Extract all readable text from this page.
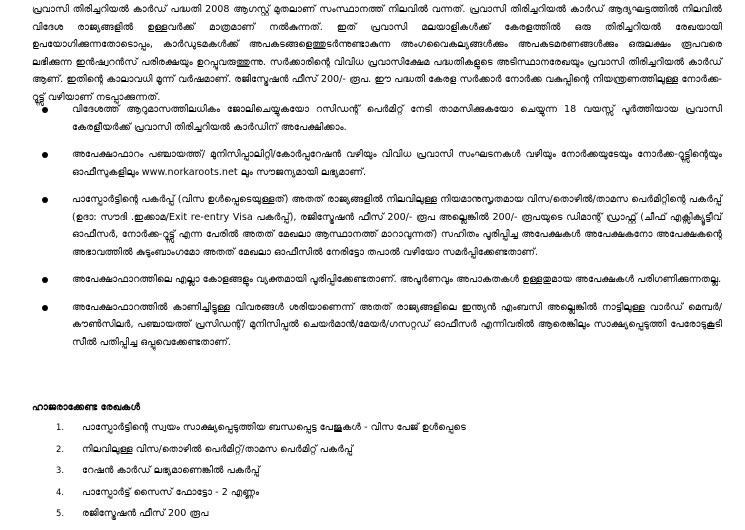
പ്രവാസി തിരിച്ചറിയൽ കാർഡ് പദ്ധതി 2008 ആഗസ്റ്റ് മുതലാണ് സംസ്ഥാനത്ത് നിലവിൽ വന്നത്. പ്രവാസി തിരിച്ചറിയൽ കാർഡ് ആദ്യഘട്ടത്തിൽ നിലവിൽ വിദേശ രാജ്യങ്ങളിൽ ഉള്ളവർക്ക് മാത്രമാണ് നൽകുന്നത്. ഇത് പ്രവാസി മലയാളികൾക്ക് കേരളത്തിൽ ഒരു തിരിച്ചറിയൽ രേഖയായി ഉപയോഗിക്കുന്നതോടൊപ്പം, കാർഡുടമകൾക്ക് അപകടങ്ങളെത്തുടർന്നുണ്ടാകുന്ന അംഗവൈകല്യങ്ങൾക്കും അപകടമരണങ്ങൾക്കും ഒരുലക്ഷം രൂപവരെ ലഭിക്കുന്ന ഇൻഷ്വറൻസ് പരിരക്ഷയും ഉറപ്പുവരുത്തുന്നു. സർക്കാരിന്റെ വിവിധ പ്രവാസിക്ഷേമ പദ്ധതികളുടെ അടിസ്ഥാനരേഖയും പ്രവാസി തിരിച്ചറിയൽ കാർഡ് ആണ്. ഇതിന്റെ കാലാവധി മൂന്ന് വർഷമാണ്. രജിസ്ട്രേഷൻ ഫീസ് 200/- രൂപ. ഈ പദ്ധതി കേരള സർക്കാർ നോർക്ക വകുപ്പിന്റെ നിയന്ത്രണത്തിലുള്ള നോർക്ക-റൂട്ട്സ് വഴിയാണ് നടപ്പാക്കുന്നത്.

വിദേശത്ത് ആറുമാസത്തിലധികം ജോലിചെയ്യുകയോ റസിഡന്റ് പെർമിറ്റ് നേടി താമസിക്കുകയോ ചെയ്യുന്ന 18 വയസ്സ് പൂർത്തിയായ പ്രവാസി കേരളീയർക്ക് പ്രവാസി തിരിച്ചറിയൽ കാർഡിന് അപേക്ഷിക്കാം.
അപേക്ഷാഫാറം പഞ്ചായത്ത്/ മുനിസിപ്പാലിറ്റി/കോർപ്പറേഷൻ വഴിയും വിവിധ പ്രവാസി സംഘടനകൾ വഴിയും നോർക്കയുടേയും നോർക്ക-റൂട്ട്സിന്റെയും ഓഫീസുകളിലും www.norkaroots.net ലും സൗജന്യമായി ലഭ്യമാണ്.
പാസ്പോർട്ടിന്റെ പകർപ്പ് (വിസ ഉൾപ്പെടെയുള്ളത്) അതത് രാജ്യങ്ങളിൽ നിലവിലുള്ള നിയമാനുസൃതമായ വിസ/തൊഴിൽ/താമസ പെർമിറ്റിന്റെ പകർപ്പ് (ഉദാ: സൗദി .ഇക്കാമ/Exit re-entry Visa പകർപ്പ്), രജിസ്ട്രേഷൻ ഫീസ് 200/- രൂപ അല്ലെങ്കിൽ 200/- രൂപയുടെ ഡിമാന്റ് ഡ്രാഫ്റ്റ് (ചീഫ് എക്സിക്യൂട്ടീവ് ഓഫീസർ, നോർക്ക-റൂട്ട്സ് എന്ന പേരിൽ അതത് മേഖലാ ആസ്ഥാനത്ത് മാറാവുന്നത്) സഹിതം പൂരിപ്പിച്ച അപേക്ഷകൾ അപേക്ഷകനോ അപേക്ഷകന്റെ അഭാവത്തിൽ കുടുംബാംഗമോ അതത് മേഖലാ ഓഫീസിൽ നേരിട്ടോ തപാൽ വഴിയോ സമർപ്പിക്കേണ്ടതാണ്.
അപേക്ഷാഫാറത്തിലെ എല്ലാ കോളങ്ങളും വ്യക്തമായി പൂരിപ്പിക്കേണ്ടതാണ്. അപൂർണവും അപാകതകൾ ഉള്ളതുമായ അപേക്ഷകൾ പരിഗണിക്കുന്നതല്ല.
അപേക്ഷാഫാറത്തിൽ കാണിച്ചിട്ടുള്ള വിവരങ്ങൾ ശരിയാണെന്ന് അതത് രാജ്യങ്ങളിലെ ഇന്ത്യൻ എംബസി അല്ലെങ്കിൽ നാട്ടിലുള്ള വാർഡ് മെമ്പർ/ കൗൺസിലർ, പഞ്ചായത്ത് പ്രസിഡന്റ്/ മുനിസിപ്പൽ ചെയർമാൻ/മേയർ/ഗസറ്റഡ് ഓഫീസർ എന്നിവരിൽ ആരെങ്കിലും സാക്ഷ്യപ്പെടുത്തി പേരോടുകൂടി സീൽ പതിപ്പിച്ച ഒപ്പുവെക്കേണ്ടതാണ്.

ഹാജരാക്കേണ്ട രേഖകൾ

1. പാസ്പോർട്ടിന്റെ സ്വയം സാക്ഷ്യപ്പെടുത്തിയ ബന്ധപ്പെട്ട പേജുകൾ - വിസ പേജ് ഉൾപ്പെടെ
2. നിലവിലുള്ള വിസ/തൊഴിൽ പെർമിറ്റ്/താമസ പെർമിറ്റ് പകർപ്പ്
3. റേഷൻ കാർഡ് ലഭ്യമാണെങ്കിൽ പകർപ്പ്
4. പാസ്പോർട്ട് സൈസ് ഫോട്ടോ - 2 എണ്ണം
5. രജിസ്ട്രേഷൻ ഫീസ് 200 രൂപ
